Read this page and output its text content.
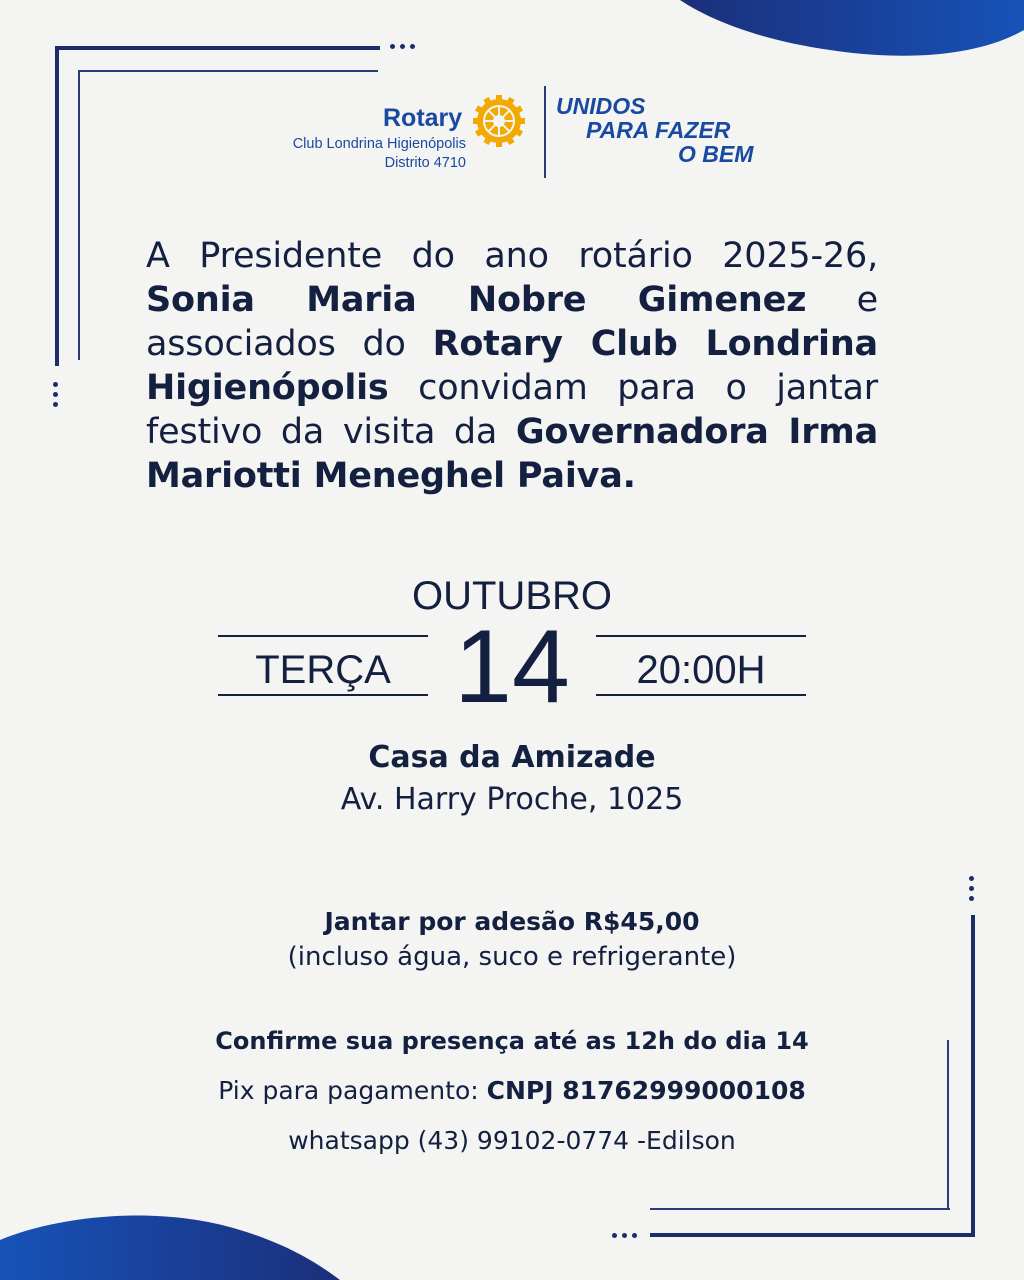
Rotary
Club Londrina Higienópolis
Distrito 4710
UNIDOS
PARA FAZER
O BEM
A Presidente do ano rotário 2025-26, Sonia Maria Nobre Gimenez e associados do Rotary Club Londrina Higienópolis convidam para o jantar festivo da visita da Governadora Irma Mariotti Meneghel Paiva.
OUTUBRO
TERÇA 14	20:00H
Casa da Amizade
Av. Harry Proche, 1025
Jantar por adesão R$45,00
(incluso água, suco e refrigerante)
Confirme sua presença até as 12h do dia 14
Pix para pagamento: CNPJ 81762999000108
whatsapp (43) 99102-0774 -Edilson
